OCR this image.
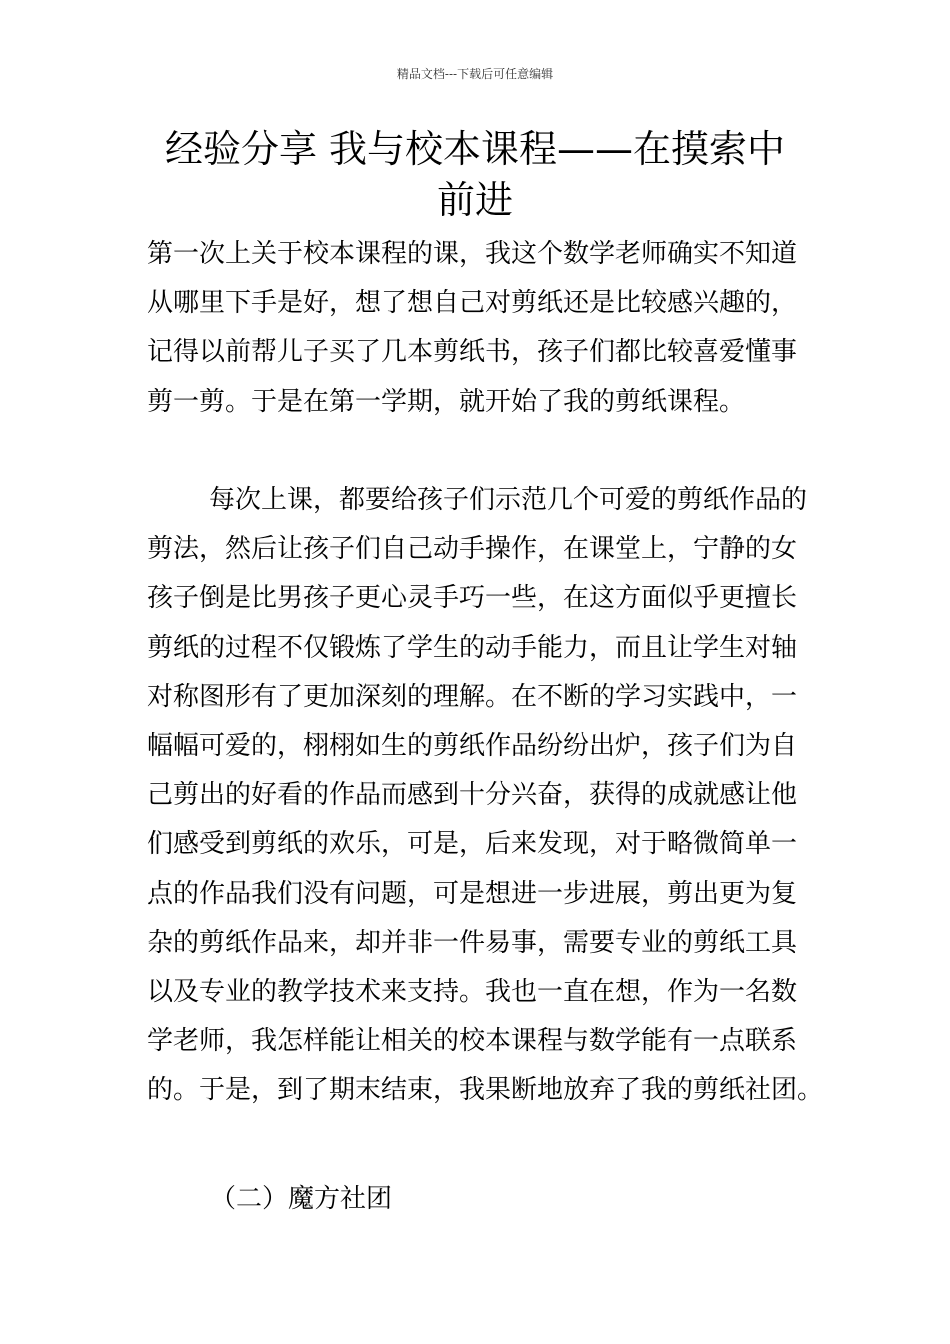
精品文档---下载后可任意编辑
经验分享 我与校本课程——在摸索中
前进
第一次上关于校本课程的课，我这个数学老师确实不知道
从哪里下手是好，想了想自己对剪纸还是比较感兴趣的，
记得以前帮儿子买了几本剪纸书，孩子们都比较喜爱懂事
剪一剪。于是在第一学期，就开始了我的剪纸课程。
每次上课，都要给孩子们示范几个可爱的剪纸作品的
剪法，然后让孩子们自己动手操作，在课堂上，宁静的女
孩子倒是比男孩子更心灵手巧一些，在这方面似乎更擅长
剪纸的过程不仅锻炼了学生的动手能力，而且让学生对轴
对称图形有了更加深刻的理解。在不断的学习实践中，一
幅幅可爱的，栩栩如生的剪纸作品纷纷出炉，孩子们为自
己剪出的好看的作品而感到十分兴奋，获得的成就感让他
们感受到剪纸的欢乐，可是，后来发现，对于略微简单一
点的作品我们没有问题，可是想进一步进展，剪出更为复
杂的剪纸作品来，却并非一件易事，需要专业的剪纸工具
以及专业的教学技术来支持。我也一直在想，作为一名数
学老师，我怎样能让相关的校本课程与数学能有一点联系
的。于是，到了期末结束，我果断地放弃了我的剪纸社团。
（二）魔方社团
